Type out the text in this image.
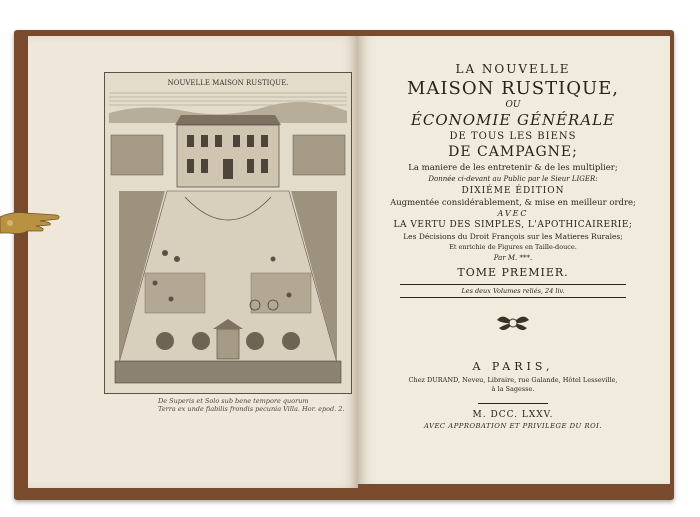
NOUVELLE MAISON RUSTIQUE.
De Superis et Solo sub bene tempore quorum
Terra ex unde fiabilis frondis pecunia Villa. Hor. epod. 2.
LA NOUVELLE
MAISON RUSTIQUE,
OU
ÉCONOMIE GÉNÉRALE
DE TOUS LES BIENS
DE CAMPAGNE;
La maniere de les entretenir & de les multiplier;
Donnée ci-devant au Public par le Sieur LIGER:
DIXIÉME ÉDITION
Augmentée considérablement, & mise en meilleur ordre;
AVEC
LA VERTU DES SIMPLES, L'APOTHICAIRERIE;
Les Décisions du Droit François sur les Matieres Rurales;
Et enrichie de Figures en Taille-douce.
Par M. ***.
TOME PREMIER.
Les deux Volumes reliés, 24 liv.
A PARIS,
Chez DURAND, Neveu, Libraire, rue Galande, Hôtel Lesseville,
à la Sagesse.
M. DCC. LXXV.
AVEC APPROBATION ET PRIVILEGE DU ROI.
